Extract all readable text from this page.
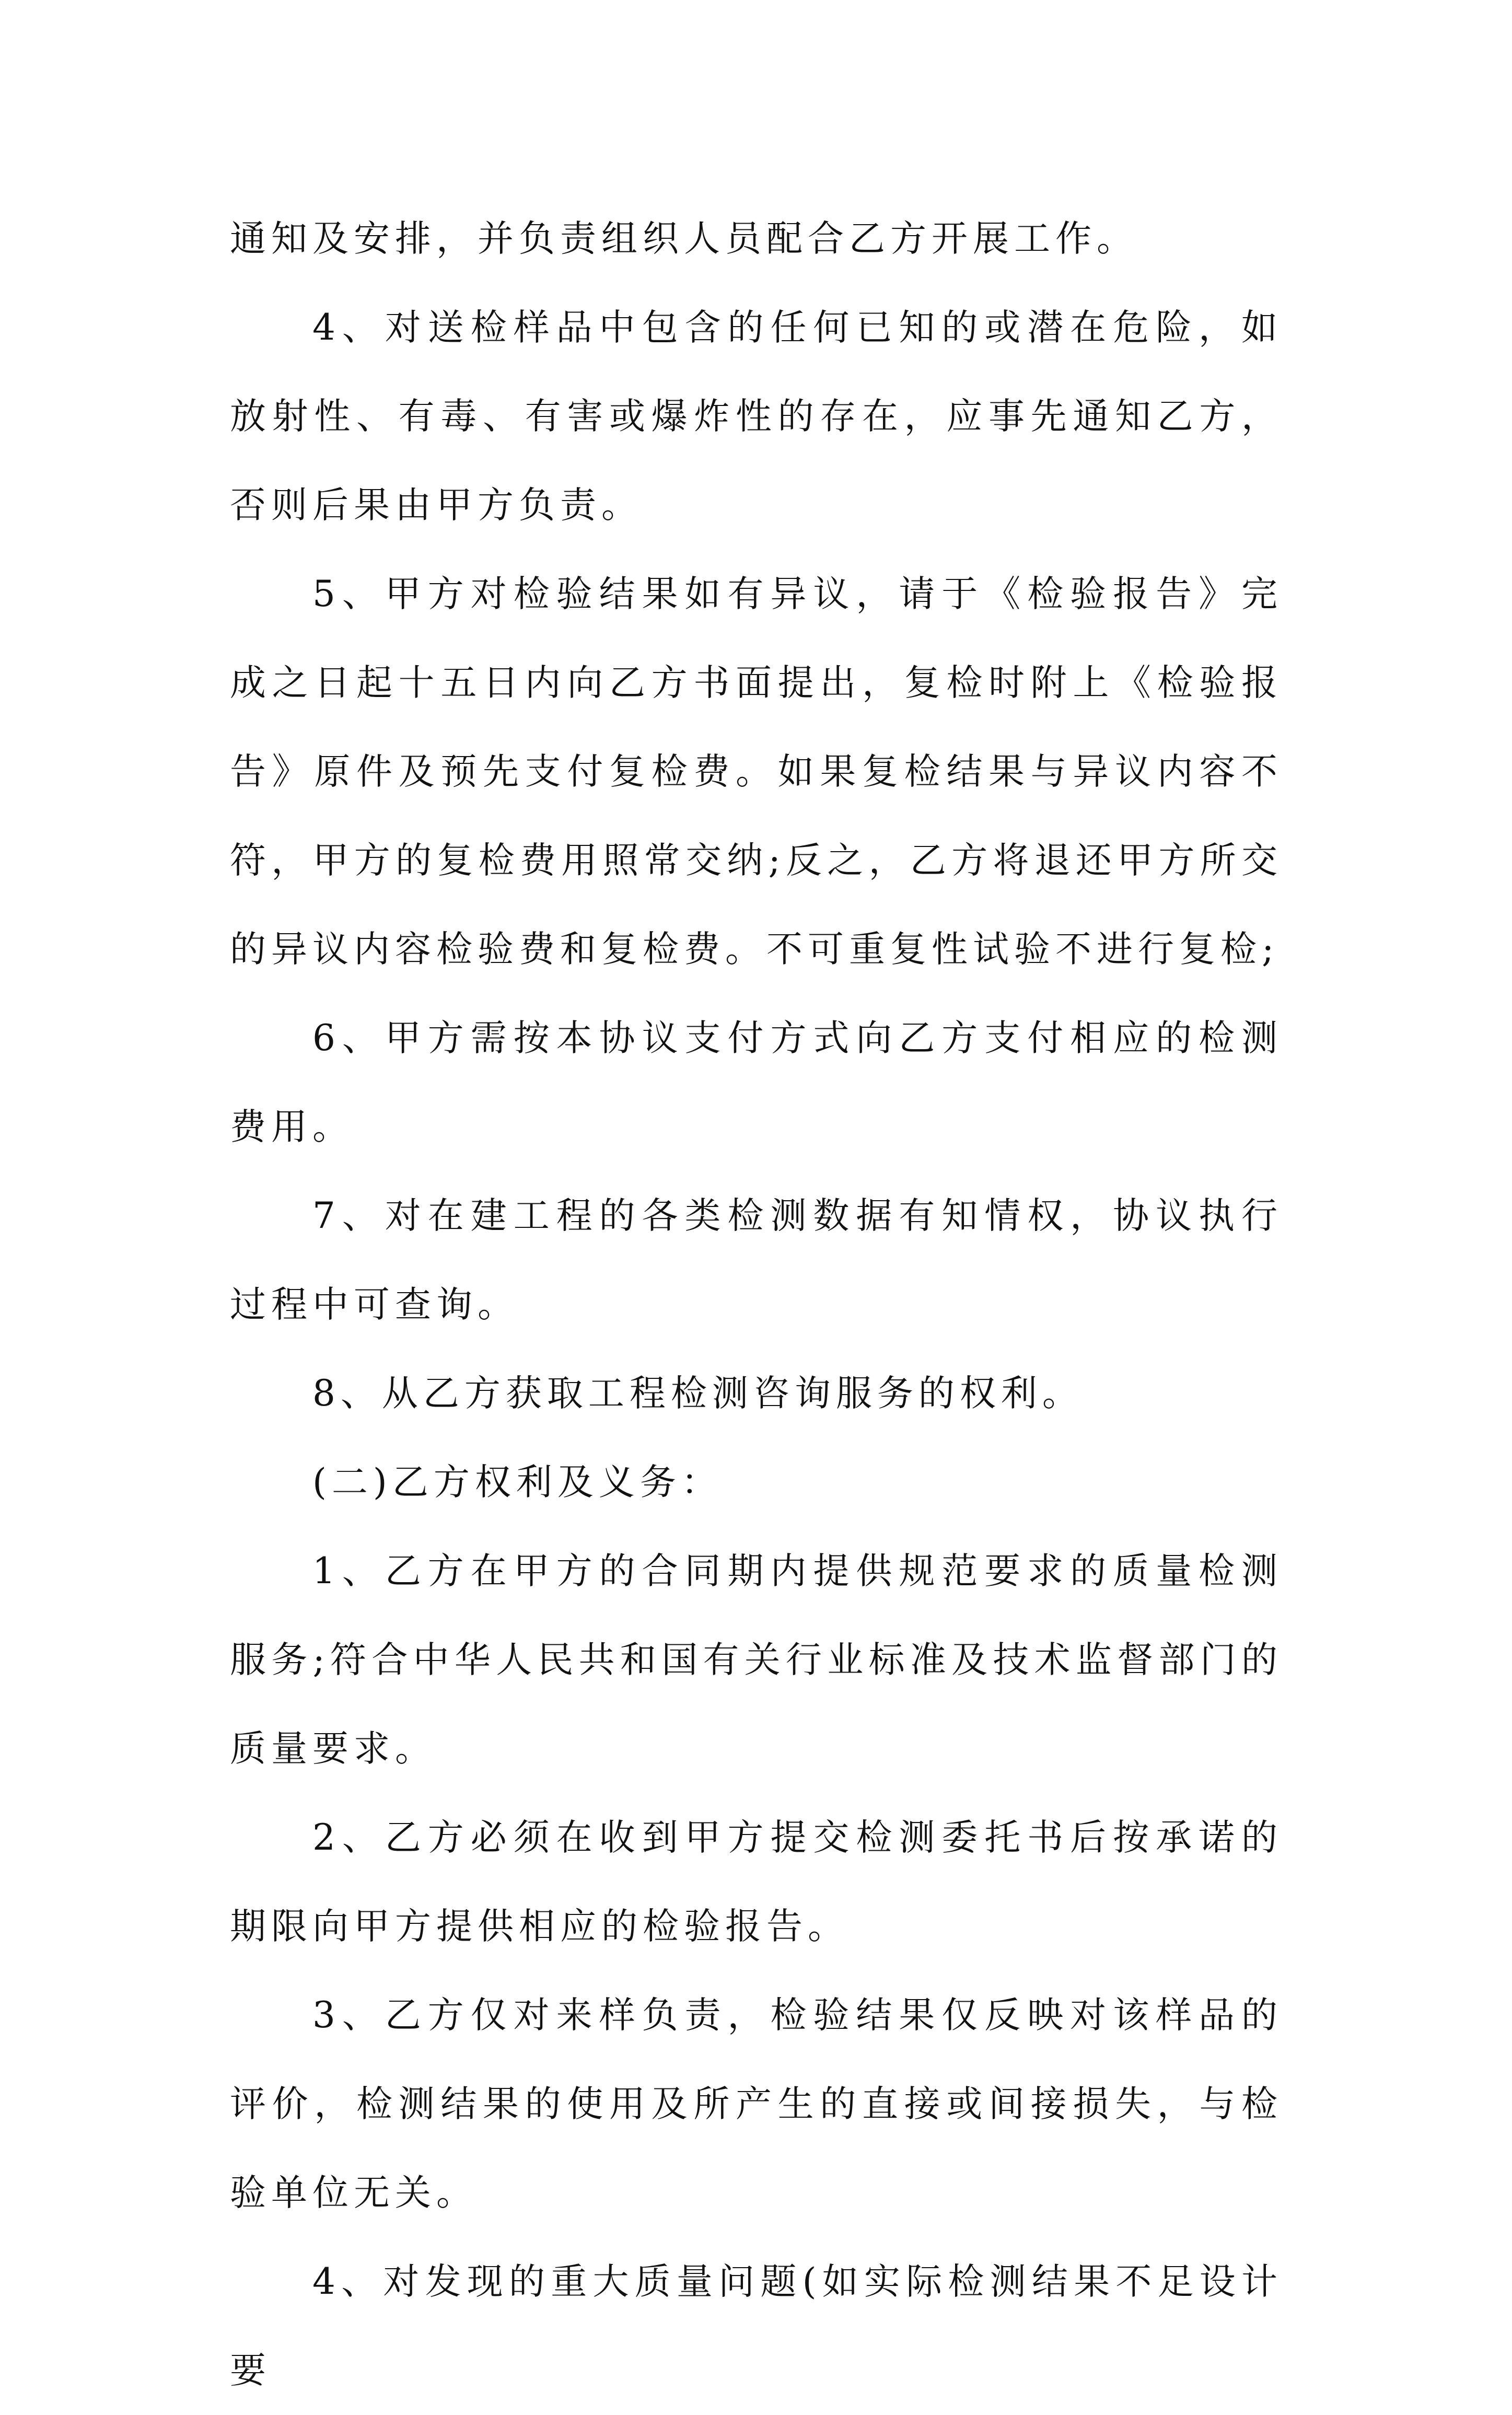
通知及安排，并负责组织人员配合乙方开展工作。

4、对送检样品中包含的任何已知的或潜在危险，如放射性、有毒、有害或爆炸性的存在，应事先通知乙方，否则后果由甲方负责。

5、甲方对检验结果如有异议，请于《检验报告》完成之日起十五日内向乙方书面提出，复检时附上《检验报告》原件及预先支付复检费。如果复检结果与异议内容不符，甲方的复检费用照常交纳;反之，乙方将退还甲方所交的异议内容检验费和复检费。不可重复性试验不进行复检;

6、甲方需按本协议支付方式向乙方支付相应的检测费用。

7、对在建工程的各类检测数据有知情权，协议执行过程中可查询。

8、从乙方获取工程检测咨询服务的权利。

(二)乙方权利及义务：

1、乙方在甲方的合同期内提供规范要求的质量检测服务;符合中华人民共和国有关行业标准及技术监督部门的质量要求。

2、乙方必须在收到甲方提交检测委托书后按承诺的期限向甲方提供相应的检验报告。

3、乙方仅对来样负责，检验结果仅反映对该样品的评价，检测结果的使用及所产生的直接或间接损失，与检验单位无关。

4、对发现的重大质量问题(如实际检测结果不足设计要
